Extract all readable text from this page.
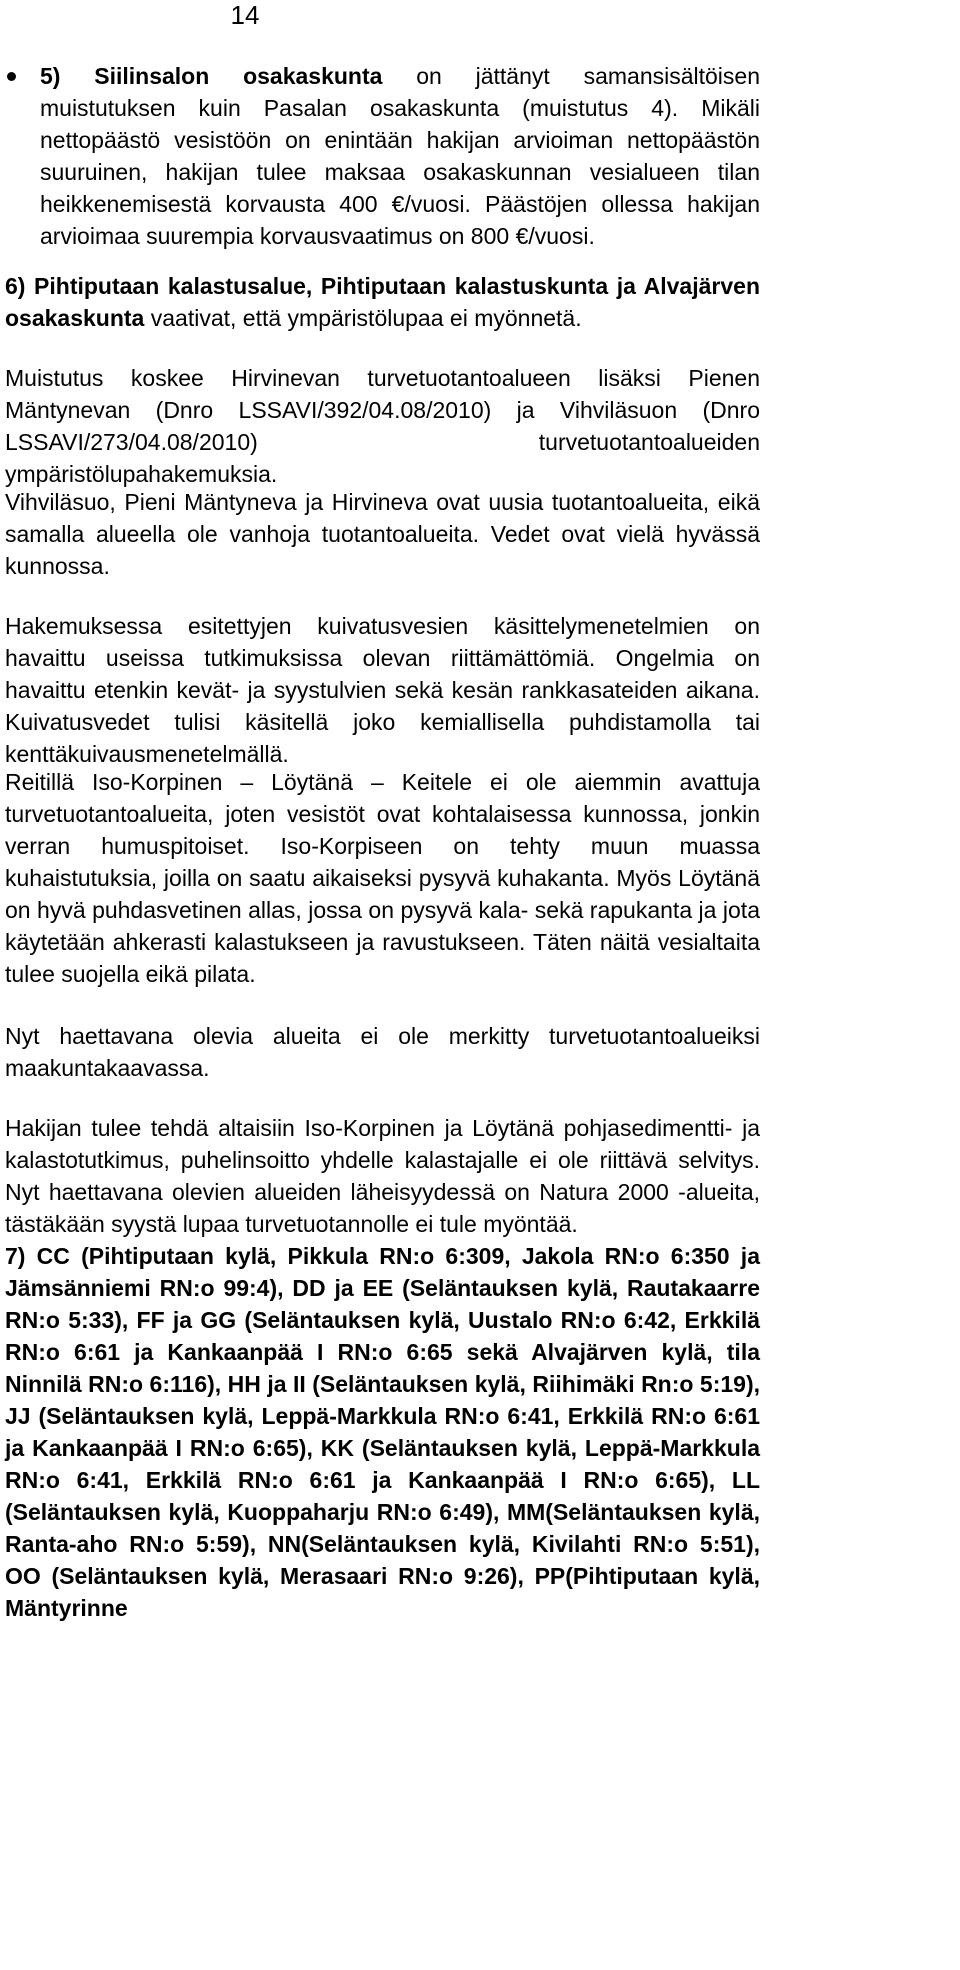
14
5) Siilinsalon osakaskunta on jättänyt samansisältöisen muistutuksen kuin Pasalan osakaskunta (muistutus 4). Mikäli nettopäästö vesistöön on enintään hakijan arvioiman nettopäästön suuruinen, hakijan tulee maksaa osakaskunnan vesialueen tilan heikkenemisestä korvausta 400 €/vuosi. Päästöjen ollessa hakijan arvioimaa suurempia korvausvaatimus on 800 €/vuosi.
6) Pihtiputaan kalastusalue, Pihtiputaan kalastuskunta ja Alvajärven osakaskunta vaativat, että ympäristölupaa ei myönnetä.
Muistutus koskee Hirvinevan turvetuotantoalueen lisäksi Pienen Mäntynevan (Dnro LSSAVI/392/04.08/2010) ja Vihviläsuon (Dnro LSSAVI/273/04.08/2010) turvetuotantoalueiden ympäristölupahakemuksia.
Vihviläsuo, Pieni Mäntyneva ja Hirvineva ovat uusia tuotantoalueita, eikä samalla alueella ole vanhoja tuotantoalueita. Vedet ovat vielä hyvässä kunnossa.
Hakemuksessa esitettyjen kuivatusvesien käsittelymenetelmien on havaittu useissa tutkimuksissa olevan riittämättömiä. Ongelmia on havaittu etenkin kevät- ja syystulvien sekä kesän rankkasateiden aikana. Kuivatusvedet tulisi käsitellä joko kemiallisella puhdistamolla tai kenttäkuivausmenetelmällä.
Reitillä Iso-Korpinen – Löytänä – Keitele ei ole aiemmin avattuja turvetuotantoalueita, joten vesistöt ovat kohtalaisessa kunnossa, jonkin verran humuspitoiset. Iso-Korpiseen on tehty muun muassa kuhaistutuksia, joilla on saatu aikaiseksi pysyvä kuhakanta. Myös Löytänä on hyvä puhdasvetinen allas, jossa on pysyvä kala- sekä rapukanta ja jota käytetään ahkerasti kalastukseen ja ravustukseen. Täten näitä vesialtaita tulee suojella eikä pilata.
Nyt haettavana olevia alueita ei ole merkitty turvetuotantoalueiksi maakuntakaavassa.
Hakijan tulee tehdä altaisiin Iso-Korpinen ja Löytänä pohjasedimentti- ja kalastotutkimus, puhelinsoitto yhdelle kalastajalle ei ole riittävä selvitys. Nyt haettavana olevien alueiden läheisyydessä on Natura 2000 -alueita, tästäkään syystä lupaa turvetuotannolle ei tule myöntää.
7) CC (Pihtiputaan kylä, Pikkula RN:o 6:309, Jakola RN:o 6:350 ja Jämsänniemi RN:o 99:4), DD ja EE (Seläntauksen kylä, Rautakaarre RN:o 5:33), FF ja GG (Seläntauksen kylä, Uustalo RN:o 6:42, Erkkilä RN:o 6:61 ja Kankaanpää I RN:o 6:65 sekä Alvajärven kylä, tila Ninnilä RN:o 6:116), HH ja II (Seläntauksen kylä, Riihimäki Rn:o 5:19), JJ (Seläntauksen kylä, Leppä-Markkula RN:o 6:41, Erkkilä RN:o 6:61 ja Kankaanpää I RN:o 6:65), KK (Seläntauksen kylä, Leppä-Markkula RN:o 6:41, Erkkilä RN:o 6:61 ja Kankaanpää I RN:o 6:65), LL (Seläntauksen kylä, Kuoppaharju RN:o 6:49), MM(Seläntauksen kylä, Ranta-aho RN:o 5:59), NN(Seläntauksen kylä, Kivilahti RN:o 5:51), OO (Seläntauksen kylä, Merasaari RN:o 9:26), PP(Pihtiputaan kylä, Mäntyrinne
